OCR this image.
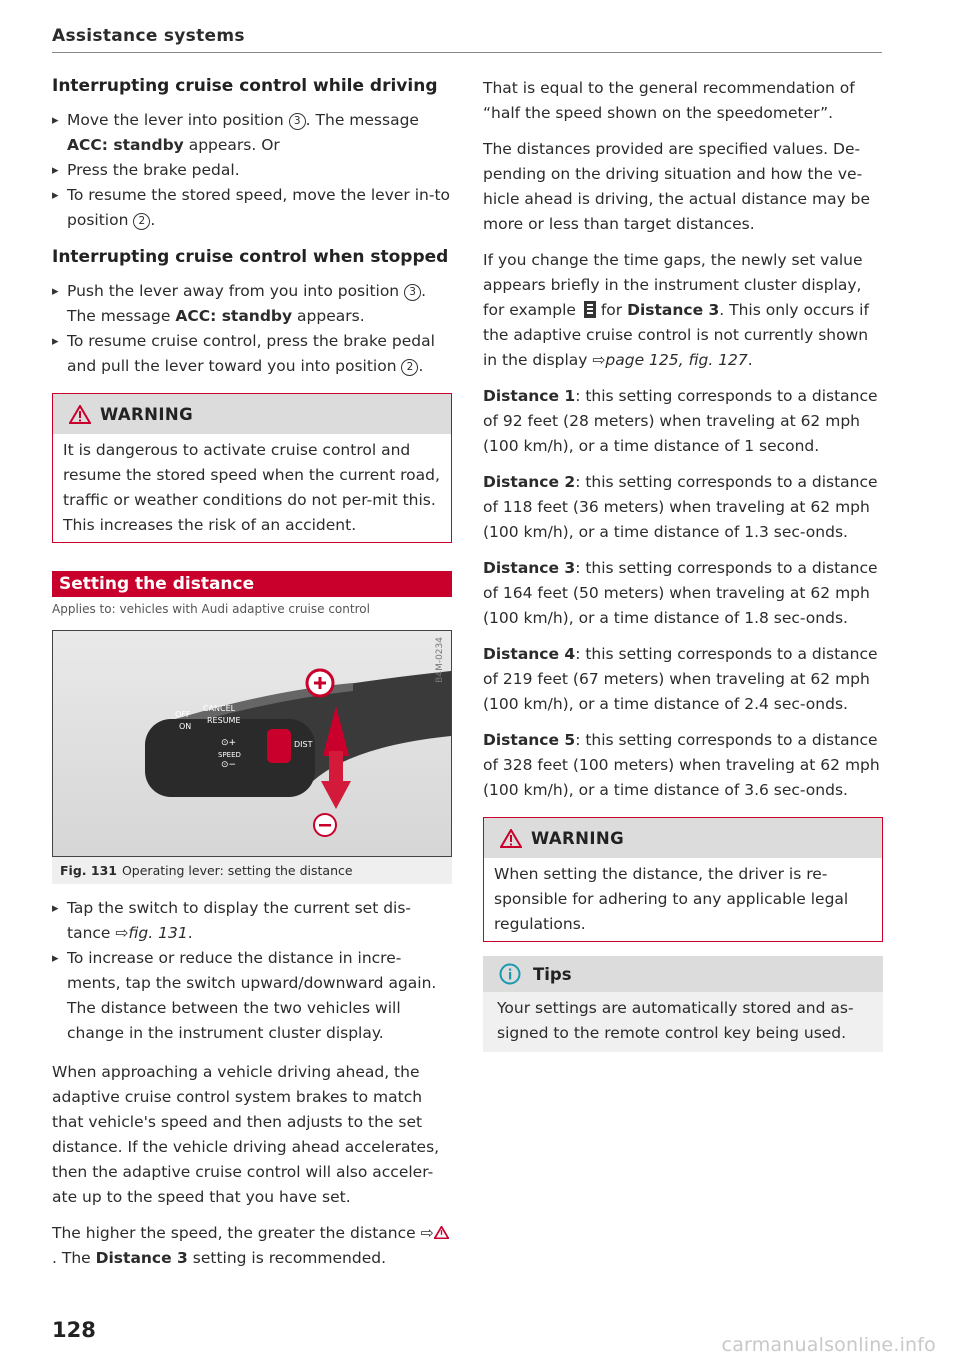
Assistance systems
Interrupting cruise control while driving
▸ Move the lever into position 3 . The message ACC: standby appears. Or
▸ Press the brake pedal.
▸ To resume the stored speed, move the lever in-to position 2 .
Interrupting cruise control when stopped
▸ Push the lever away from you into position 3 . The message ACC: standby appears.
▸ To resume cruise control, press the brake pedal and pull the lever toward you into position 2 .
WARNING
It is dangerous to activate cruise control and resume the stored speed when the current road, traffic or weather conditions do not per-mit this. This increases the risk of an accident.
Setting the distance
Applies to: vehicles with Audi adaptive cruise control
B4M-0234
OFF
CANCEL
ON
RESUME
SPEED
⊙+
⊙−
DIST
Fig. 131 Operating lever: setting the distance
▸ Tap the switch to display the current set dis-tance ⇨fig. 131.
▸ To increase or reduce the distance in incre-ments, tap the switch upward/downward again. The distance between the two vehicles will change in the instrument cluster display.

When approaching a vehicle driving ahead, the adaptive cruise control system brakes to match that vehicle's speed and then adjusts to the set distance. If the vehicle driving ahead accelerates, then the adaptive cruise control will also acceler-ate up to the speed that you have set.

The higher the speed, the greater the distance ⇨. The Distance 3 setting is recommended.

That is equal to the general recommendation of “half the speed shown on the speedometer”.

The distances provided are specified values. De-pending on the driving situation and how the ve-hicle ahead is driving, the actual distance may be more or less than target distances.

If you change the time gaps, the newly set value appears briefly in the instrument cluster display, for example
for Distance 3. This only occurs if the adaptive cruise control is not currently shown in the display ⇨page 125, fig. 127.

Distance 1: this setting corresponds to a distance of 92 feet (28 meters) when traveling at 62 mph (100 km/h), or a time distance of 1 second.

Distance 2: this setting corresponds to a distance of 118 feet (36 meters) when traveling at 62 mph (100 km/h), or a time distance of 1.3 sec-onds.

Distance 3: this setting corresponds to a distance of 164 feet (50 meters) when traveling at 62 mph (100 km/h), or a time distance of 1.8 sec-onds.

Distance 4: this setting corresponds to a distance of 219 feet (67 meters) when traveling at 62 mph (100 km/h), or a time distance of 2.4 sec-onds.

Distance 5: this setting corresponds to a distance of 328 feet (100 meters) when traveling at 62 mph (100 km/h), or a time distance of 3.6 sec-onds.

WARNING
When setting the distance, the driver is re-sponsible for adhering to any applicable legal regulations.
Tips
Your settings are automatically stored and as-signed to the remote control key being used.
128
carmanualsonline.info
